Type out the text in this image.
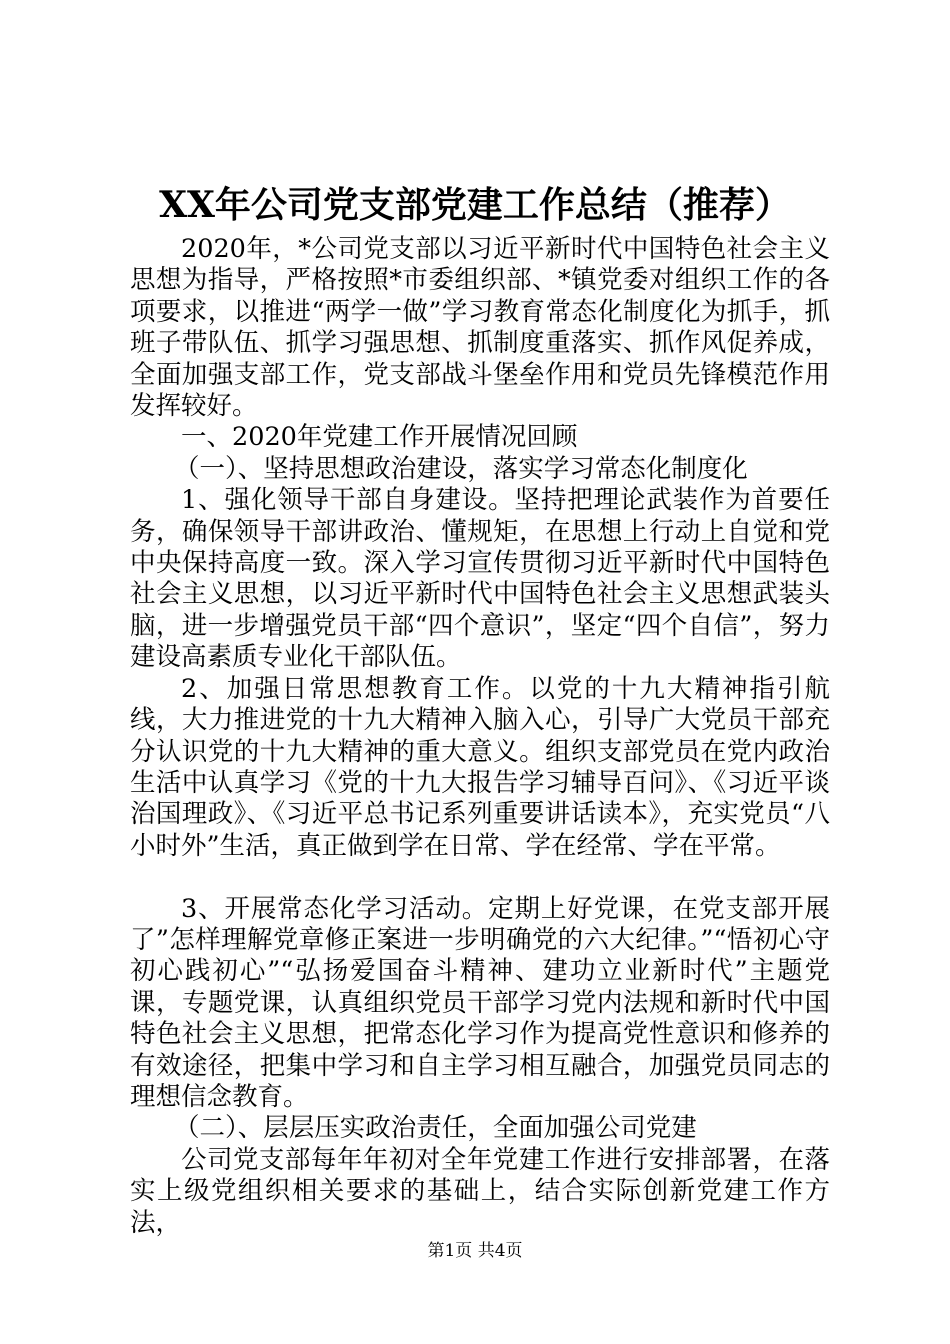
XX年公司党支部党建工作总结（推荐）

2020年，*公司党支部以习近平新时代中国特色社会主义思想为指导，严格按照*市委组织部、*镇党委对组织工作的各项要求，以推进“两学一做”学习教育常态化制度化为抓手，抓班子带队伍、抓学习强思想、抓制度重落实、抓作风促养成，全面加强支部工作，党支部战斗堡垒作用和党员先锋模范作用发挥较好。

一、2020年党建工作开展情况回顾

（一）、坚持思想政治建设，落实学习常态化制度化

1、强化领导干部自身建设。坚持把理论武装作为首要任务，确保领导干部讲政治、懂规矩，在思想上行动上自觉和党中央保持高度一致。深入学习宣传贯彻习近平新时代中国特色社会主义思想，以习近平新时代中国特色社会主义思想武装头脑，进一步增强党员干部“四个意识”，坚定“四个自信”，努力建设高素质专业化干部队伍。

2、加强日常思想教育工作。以党的十九大精神指引航线，大力推进党的十九大精神入脑入心，引导广大党员干部充分认识党的十九大精神的重大意义。组织支部党员在党内政治生活中认真学习《党的十九大报告学习辅导百问》、《习近平谈治国理政》、《习近平总书记系列重要讲话读本》，充实党员“八小时外”生活，真正做到学在日常、学在经常、学在平常。

3、开展常态化学习活动。定期上好党课，在党支部开展了”怎样理解党章修正案进一步明确党的六大纪律。”“悟初心守初心践初心”“弘扬爱国奋斗精神、建功立业新时代”主题党课，专题党课，认真组织党员干部学习党内法规和新时代中国特色社会主义思想，把常态化学习作为提高党性意识和修养的有效途径，把集中学习和自主学习相互融合，加强党员同志的理想信念教育。

（二）、层层压实政治责任，全面加强公司党建

公司党支部每年年初对全年党建工作进行安排部署，在落实上级党组织相关要求的基础上，结合实际创新党建工作方法，

第1页 共4页
